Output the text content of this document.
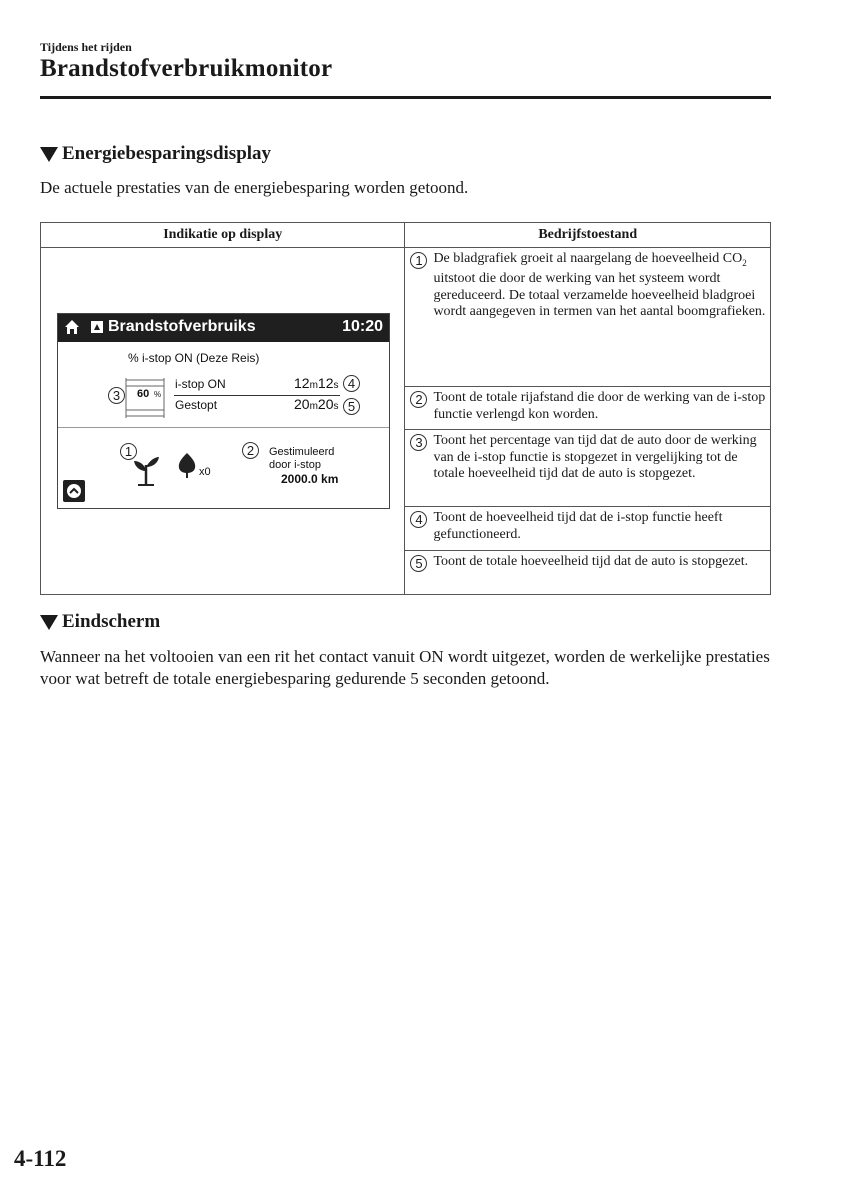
Tijdens het rijden
Brandstofverbruikmonitor
Energiebesparingsdisplay
De actuele prestaties van de energiebesparing worden getoond.
Indikatie op display	Bedrijfstoestand

1 De bladgrafiek groeit al naargelang de hoeveelheid $CO_2$ uitstoot die door de werking van het systeem wordt gereduceerd. De totaal verzamelde hoeveelheid bladgroei wordt aangegeven in termen van het aantal boomgrafieken.

2 Toont de totale rijafstand die door de werking van de i-stop functie verlengd kon worden.

3 Toont het percentage van tijd dat de auto door de werking van de i-stop functie is stopgezet in vergelijking tot de totale hoeveelheid tijd dat de auto is stopgezet.

4 Toont de hoeveelheid tijd dat de i-stop functie heeft gefunctioneerd.

5 Toont de totale hoeveelheid tijd dat de auto is stopgezet.
Brandstofverbruiks	10:20
% i-stop ON (Deze Reis)
60 %
i-stop ON	12m12s
Gestopt	20m20s
x0
Gestimuleerd
door i-stop
2000.0 km
3
4
5
1	2
Eindscherm
Wanneer na het voltooien van een rit het contact vanuit ON wordt uitgezet, worden de werkelijke prestaties voor wat betreft de totale energiebesparing gedurende 5 seconden getoond.
4-112
